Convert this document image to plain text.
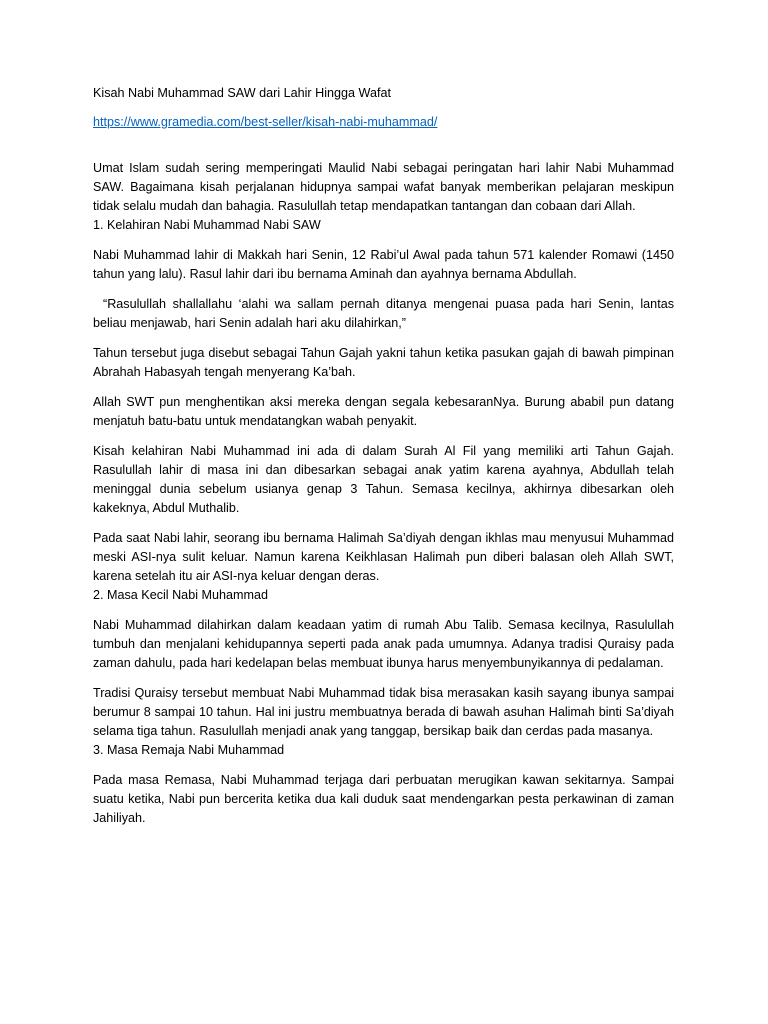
Kisah Nabi Muhammad SAW dari Lahir Hingga Wafat

https://www.gramedia.com/best-seller/kisah-nabi-muhammad/

Umat Islam sudah sering memperingati Maulid Nabi sebagai peringatan hari lahir Nabi Muhammad SAW. Bagaimana kisah perjalanan hidupnya sampai wafat banyak memberikan pelajaran meskipun tidak selalu mudah dan bahagia. Rasulullah tetap mendapatkan tantangan dan cobaan dari Allah.

1. Kelahiran Nabi Muhammad Nabi SAW

Nabi Muhammad lahir di Makkah hari Senin, 12 Rabi’ul Awal pada tahun 571 kalender Romawi (1450 tahun yang lalu). Rasul lahir dari ibu bernama Aminah dan ayahnya bernama Abdullah.

“Rasulullah shallallahu ‘alahi wa sallam pernah ditanya mengenai puasa pada hari Senin, lantas beliau menjawab, hari Senin adalah hari aku dilahirkan,”

Tahun tersebut juga disebut sebagai Tahun Gajah yakni tahun ketika pasukan gajah di bawah pimpinan Abrahah Habasyah tengah menyerang Ka’bah.

Allah SWT pun menghentikan aksi mereka dengan segala kebesaranNya. Burung ababil pun datang menjatuh batu-batu untuk mendatangkan wabah penyakit.

Kisah kelahiran Nabi Muhammad ini ada di dalam Surah Al Fil yang memiliki arti Tahun Gajah. Rasulullah lahir di masa ini dan dibesarkan sebagai anak yatim karena ayahnya, Abdullah telah meninggal dunia sebelum usianya genap 3 Tahun. Semasa kecilnya, akhirnya dibesarkan oleh kakeknya, Abdul Muthalib.

Pada saat Nabi lahir, seorang ibu bernama Halimah Sa’diyah dengan ikhlas mau menyusui Muhammad meski ASI-nya sulit keluar. Namun karena Keikhlasan Halimah pun diberi balasan oleh Allah SWT, karena setelah itu air ASI-nya keluar dengan deras.

2. Masa Kecil Nabi Muhammad

Nabi Muhammad dilahirkan dalam keadaan yatim di rumah Abu Talib. Semasa kecilnya, Rasulullah tumbuh dan menjalani kehidupannya seperti pada anak pada umumnya. Adanya tradisi Quraisy pada zaman dahulu, pada hari kedelapan belas membuat ibunya harus menyembunyikannya di pedalaman.

Tradisi Quraisy tersebut membuat Nabi Muhammad tidak bisa merasakan kasih sayang ibunya sampai berumur 8 sampai 10 tahun. Hal ini justru membuatnya berada di bawah asuhan Halimah binti Sa’diyah selama tiga tahun. Rasulullah menjadi anak yang tanggap, bersikap baik dan cerdas pada masanya.

3. Masa Remaja Nabi Muhammad

Pada masa Remasa, Nabi Muhammad terjaga dari perbuatan merugikan kawan sekitarnya. Sampai suatu ketika, Nabi pun bercerita ketika dua kali duduk saat mendengarkan pesta perkawinan di zaman Jahiliyah.
